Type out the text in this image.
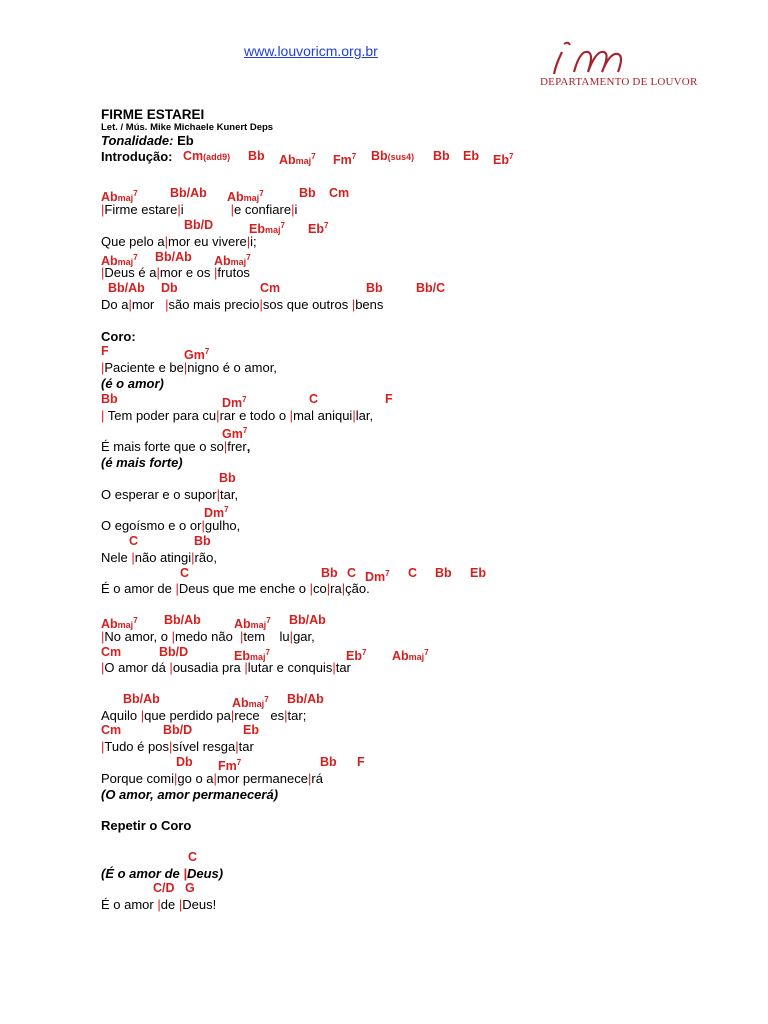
www.louvoricm.org.br
DEPARTAMENTO DE LOUVOR
FIRME ESTAREI
Let. / Mús. Mike Michaele Kunert Deps
Tonalidade: Eb
Introdução:
Cm(add9)

Bb

Abmaj$^7$

Fm$^7$

Bb(sus4)

Bb

Eb

Eb$^7$

Abmaj$^7$

	Bb/Ab

Abmaj$^7$

	Bb

Cm

|Firme estare|i             |e confiare|i

Bb/D

	Ebmaj$^7$

Eb$^7$

Que pelo a|mor eu vivere|i;

Abmaj$^7$

Bb/Ab

Abmaj$^7$

|Deus é a|mor e os |frutos

Bb/Ab

Db

	Cm

	Bb

	Bb/C

Do a|mor   |são mais precio|sos que outros |bens
Coro:

F

	Gm$^7$

|Paciente e be|nigno é o amor,
(é o amor)

Bb

	Dm$^7$

	C

	F

| Tem poder para cu|rar e todo o |mal aniqui|lar,

Gm$^7$

É mais forte que o so|frer,
(é mais forte)

Bb

O esperar e o supor|tar,

Dm$^7$

O egoísmo e o or|gulho,

C

	Bb

Nele |não atingi|rão,

C

	Bb

C

Dm$^7$

C

Bb

Eb

É o amor de |Deus que me enche o |co|ra|ção.

Abmaj$^7$

Bb/Ab

	Abmaj$^7$

Bb/Ab

|No amor, o |medo não  |tem    lu|gar,

Cm

	Bb/D

	Ebmaj$^7$

	Eb$^7$

Abmaj$^7$

|O amor dá |ousadia pra |lutar e conquis|tar

Bb/Ab

	Abmaj$^7$

Bb/Ab

Aquilo |que perdido pa|rece   es|tar;

Cm

	Bb/D

	Eb

|Tudo é pos|sível resga|tar

Db

Fm$^7$

	Bb

F

Porque comi|go o a|mor permanece|rá
(O amor, amor permanecerá)
Repetir o Coro

C

(É o amor de |Deus)

C/D

G

É o amor |de |Deus!
